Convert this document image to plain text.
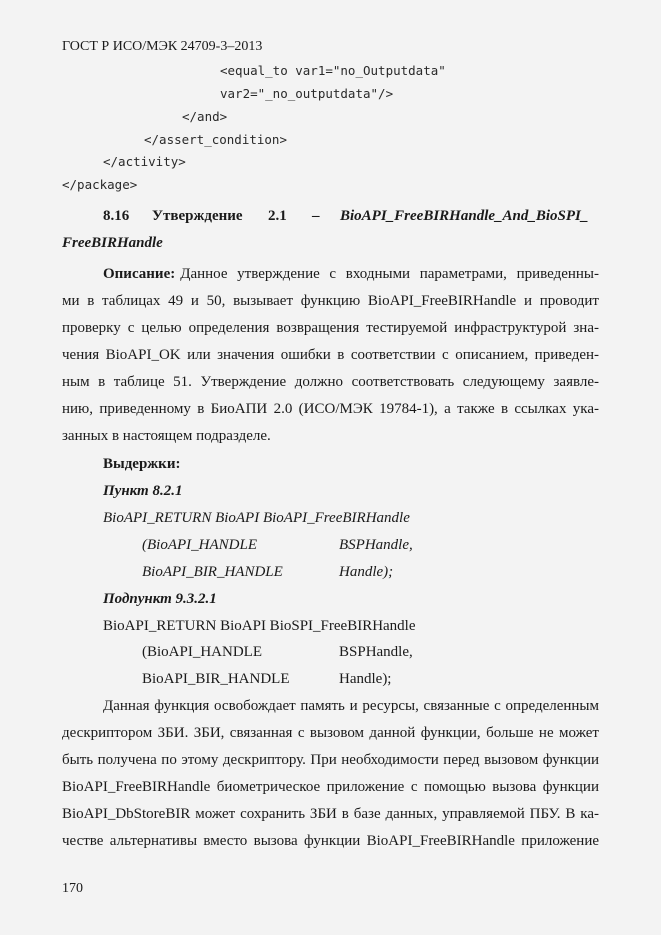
ГОСТ Р ИСО/МЭК 24709-3–2013
<equal_to var1="no_Outputdata"
var2="_no_outputdata"/>
</and>
</assert_condition>
</activity>
</package>
8.16 Утверждение 2.1 – BioAPI_FreeBIRHandle_And_BioSPI_
FreeBIRHandle
Описание: Данное утверждение с входными параметрами, приведенны-
ми в таблицах 49 и 50, вызывает функцию BioAPI_FreeBIRHandle и проводит
проверку с целью определения возвращения тестируемой инфраструктурой зна-
чения BioAPI_OK или значения ошибки в соответствии с описанием, приведен-
ным в таблице 51. Утверждение должно соответствовать следующему заявле-
нию, приведенному в БиоАПИ 2.0 (ИСО/МЭК 19784-1), а также в ссылках ука-
занных в настоящем подразделе.
Выдержки:
Пункт 8.2.1
BioAPI_RETURN BioAPI BioAPI_FreeBIRHandle
(BioAPI_HANDLE	BSPHandle,
BioAPI_BIR_HANDLE	Handle);
Подпункт 9.3.2.1
BioAPI_RETURN BioAPI BioSPI_FreeBIRHandle
(BioAPI_HANDLE	BSPHandle,
BioAPI_BIR_HANDLE	Handle);
Данная функция освобождает память и ресурсы, связанные с определенным
дескриптором ЗБИ. ЗБИ, связанная с вызовом данной функции, больше не может
быть получена по этому дескриптору. При необходимости перед вызовом функции
BioAPI_FreeBIRHandle биометрическое приложение с помощью вызова функции
BioAPI_DbStoreBIR может сохранить ЗБИ в базе данных, управляемой ПБУ. В ка-
честве альтернативы вместо вызова функции BioAPI_FreeBIRHandle приложение
170
